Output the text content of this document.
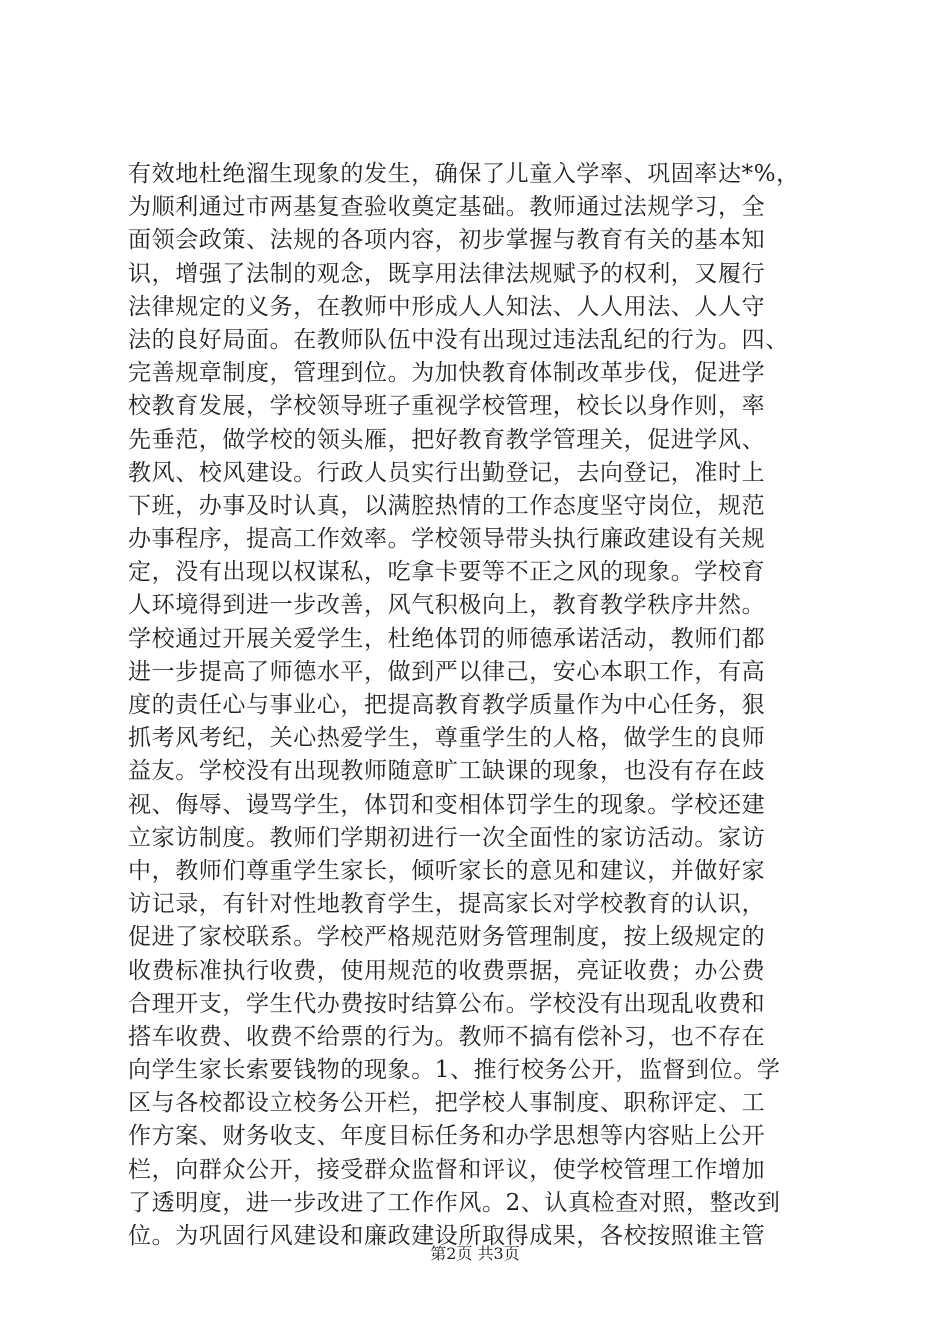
有效地杜绝溜生现象的发生，确保了儿童入学率、巩固率达*%，
为顺利通过市两基复查验收奠定基础。教师通过法规学习，全
面领会政策、法规的各项内容，初步掌握与教育有关的基本知
识，增强了法制的观念，既享用法律法规赋予的权利，又履行
法律规定的义务，在教师中形成人人知法、人人用法、人人守
法的良好局面。在教师队伍中没有出现过违法乱纪的行为。四、
完善规章制度，管理到位。为加快教育体制改革步伐，促进学
校教育发展，学校领导班子重视学校管理，校长以身作则，率
先垂范，做学校的领头雁，把好教育教学管理关，促进学风、
教风、校风建设。行政人员实行出勤登记，去向登记，准时上
下班，办事及时认真，以满腔热情的工作态度坚守岗位，规范
办事程序，提高工作效率。学校领导带头执行廉政建设有关规
定，没有出现以权谋私，吃拿卡要等不正之风的现象。学校育
人环境得到进一步改善，风气积极向上，教育教学秩序井然。
学校通过开展关爱学生，杜绝体罚的师德承诺活动，教师们都
进一步提高了师德水平，做到严以律己，安心本职工作，有高
度的责任心与事业心，把提高教育教学质量作为中心任务，狠
抓考风考纪，关心热爱学生，尊重学生的人格，做学生的良师
益友。学校没有出现教师随意旷工缺课的现象，也没有存在歧
视、侮辱、谩骂学生，体罚和变相体罚学生的现象。学校还建
立家访制度。教师们学期初进行一次全面性的家访活动。家访
中，教师们尊重学生家长，倾听家长的意见和建议，并做好家
访记录，有针对性地教育学生，提高家长对学校教育的认识，
促进了家校联系。学校严格规范财务管理制度，按上级规定的
收费标准执行收费，使用规范的收费票据，亮证收费；办公费
合理开支，学生代办费按时结算公布。学校没有出现乱收费和
搭车收费、收费不给票的行为。教师不搞有偿补习，也不存在
向学生家长索要钱物的现象。1、推行校务公开，监督到位。学
区与各校都设立校务公开栏，把学校人事制度、职称评定、工
作方案、财务收支、年度目标任务和办学思想等内容贴上公开
栏，向群众公开，接受群众监督和评议，使学校管理工作增加
了透明度，进一步改进了工作作风。2、认真检查对照，整改到
位。为巩固行风建设和廉政建设所取得成果，各校按照谁主管
第2页 共3页
